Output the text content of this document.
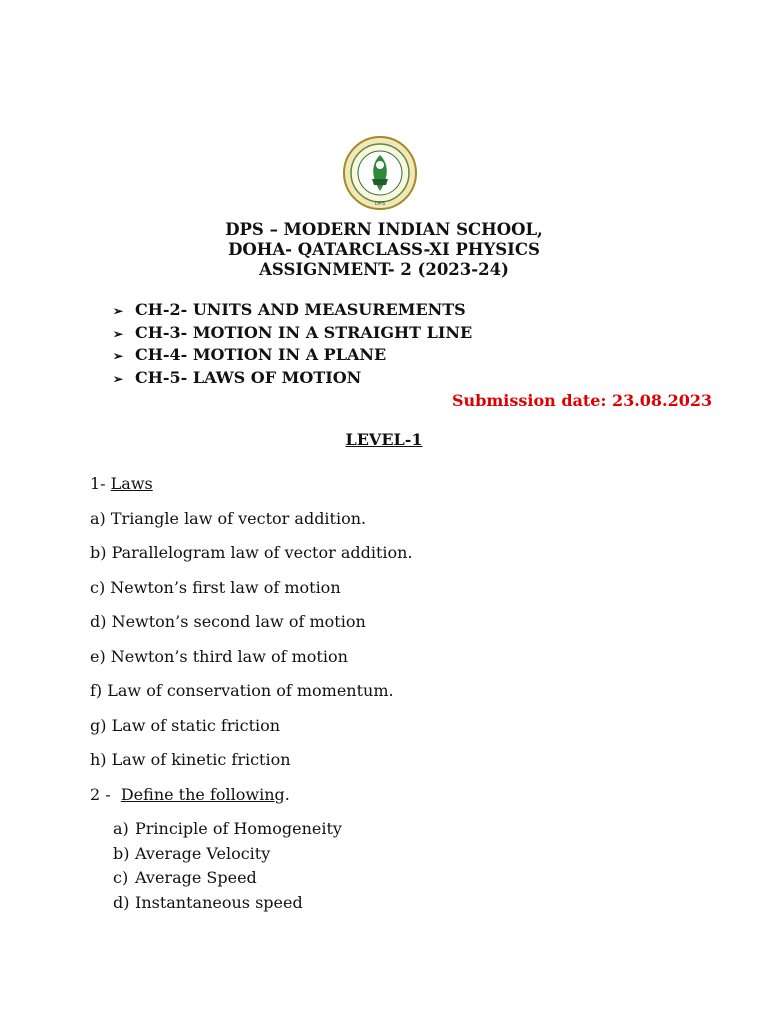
DPS
DPS – MODERN INDIAN SCHOOL,
DOHA- QATARCLASS-XI PHYSICS
ASSIGNMENT- 2 (2023-24)
➢ CH-2- UNITS AND MEASUREMENTS
➢ CH-3- MOTION IN A STRAIGHT LINE
➢ CH-4- MOTION IN A PLANE
➢ CH-5- LAWS OF MOTION
Submission date: 23.08.2023
LEVEL-1
1- Laws
a) Triangle law of vector addition.
b) Parallelogram law of vector addition.
c) Newton’s first law of motion
d) Newton’s second law of motion
e) Newton’s third law of motion
f) Law of conservation of momentum.
g) Law of static friction
h) Law of kinetic friction
2 -  Define the following.
a) Principle of Homogeneity
b) Average Velocity
c) Average Speed
d) Instantaneous speed
